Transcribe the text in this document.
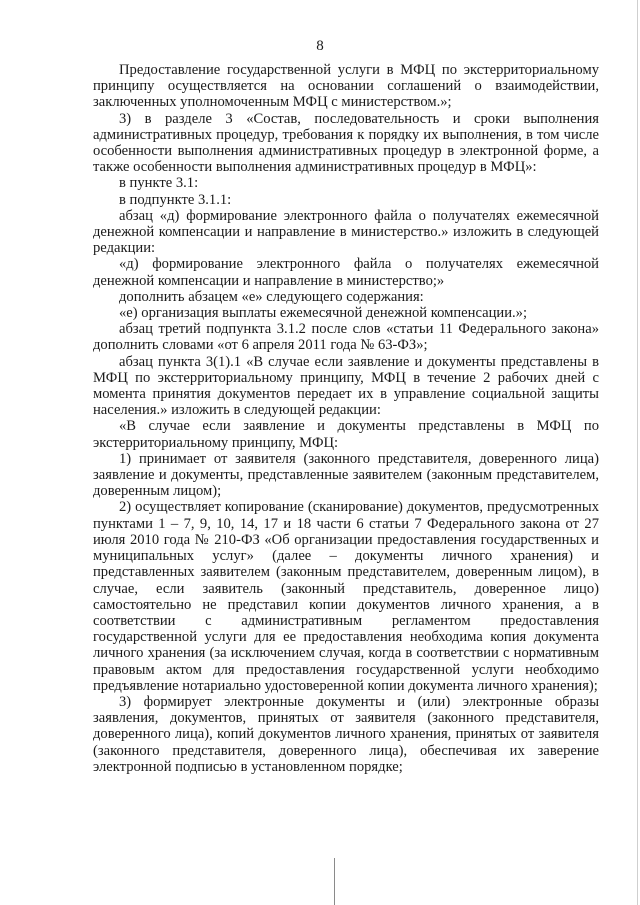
8

Предоставление государственной услуги в МФЦ по экстерриториальному принципу осуществляется на основании соглашений о взаимодействии, заключенных уполномоченным МФЦ с министерством.»;

3) в разделе 3 «Состав, последовательность и сроки выполнения административных процедур, требования к порядку их выполнения, в том числе особенности выполнения административных процедур в электронной форме, а также особенности выполнения административных процедур в МФЦ»:

в пункте 3.1:

в подпункте 3.1.1:

абзац «д) формирование электронного файла о получателях ежемесячной денежной компенсации и направление в министерство.» изложить в следующей редакции:

«д) формирование электронного файла о получателях ежемесячной денежной компенсации и направление в министерство;»

дополнить абзацем «е» следующего содержания:

«е) организация выплаты ежемесячной денежной компенсации.»;

абзац третий подпункта 3.1.2 после слов «статьи 11 Федерального закона» дополнить словами «от 6 апреля 2011 года № 63-ФЗ»;

абзац пункта 3(1).1 «В случае если заявление и документы представлены в МФЦ по экстерриториальному принципу, МФЦ в течение 2 рабочих дней с момента принятия документов передает их в управление социальной защиты населения.» изложить в следующей редакции:

«В случае если заявление и документы представлены в МФЦ по экстерриториальному принципу, МФЦ:

1) принимает от заявителя (законного представителя, доверенного лица) заявление и документы, представленные заявителем (законным представителем, доверенным лицом);

2) осуществляет копирование (сканирование) документов, предусмотренных пунктами 1 – 7, 9, 10, 14, 17 и 18 части 6 статьи 7 Федерального закона от 27 июля 2010 года № 210-ФЗ «Об организации предоставления государственных и муниципальных услуг» (далее – документы личного хранения) и представленных заявителем (законным представителем, доверенным лицом), в случае, если заявитель (законный представитель, доверенное лицо) самостоятельно не представил копии документов личного хранения, а в соответствии с административным регламентом предоставления государственной услуги для ее предоставления необходима копия документа личного хранения (за исключением случая, когда в соответствии с нормативным правовым актом для предоставления государственной услуги необходимо предъявление нотариально удостоверенной копии документа личного хранения);

3) формирует электронные документы и (или) электронные образы заявления, документов, принятых от заявителя (законного представителя, доверенного лица), копий документов личного хранения, принятых от заявителя (законного представителя, доверенного лица), обеспечивая их заверение электронной подписью в установленном порядке;
